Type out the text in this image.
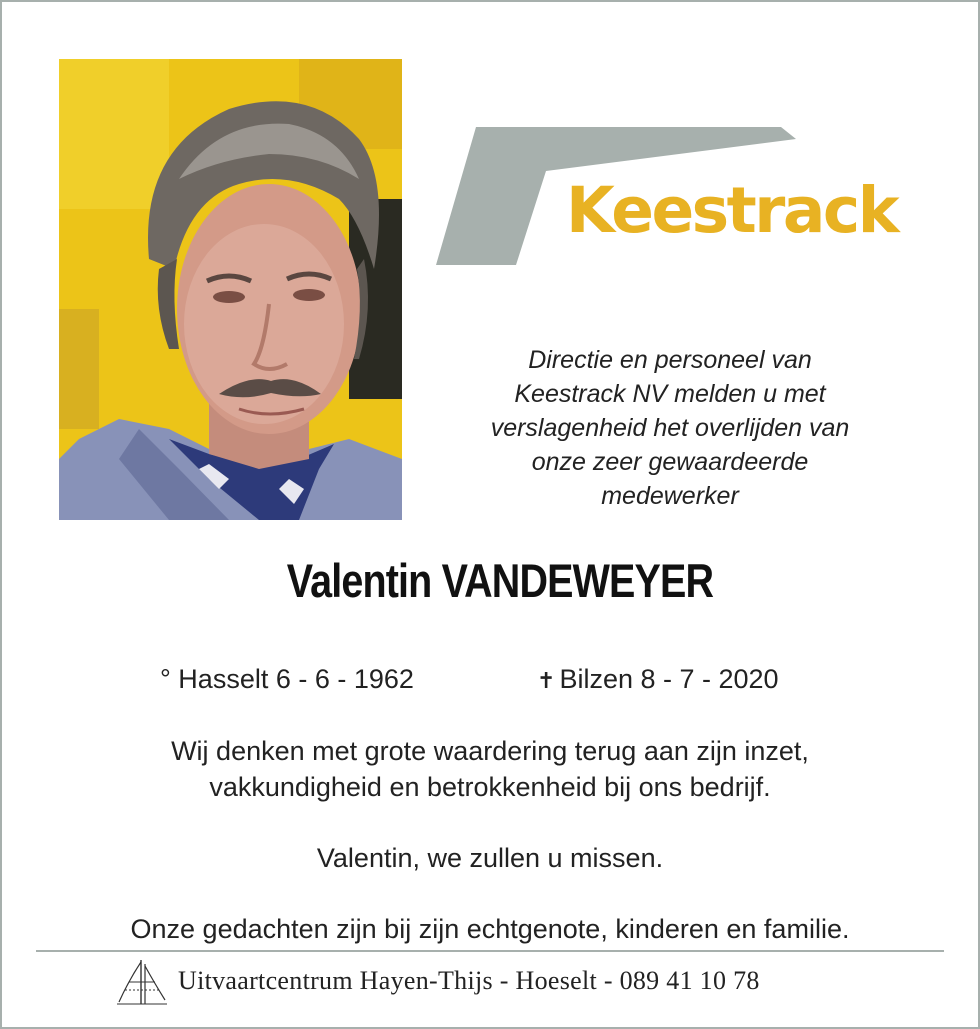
Keestrack
Directie en personeel van
Keestrack NV melden u met
verslagenheid het overlijden van
onze zeer gewaardeerde
medewerker
Valentin VANDEWEYER
° Hasselt 6 - 6 - 1962	✝ Bilzen 8 - 7 - 2020
Wij denken met grote waardering terug aan zijn inzet,
vakkundigheid en betrokkenheid bij ons bedrijf.
Valentin, we zullen u missen.
Onze gedachten zijn bij zijn echtgenote, kinderen en familie.
Uitvaartcentrum Hayen-Thijs - Hoeselt - 089 41 10 78
